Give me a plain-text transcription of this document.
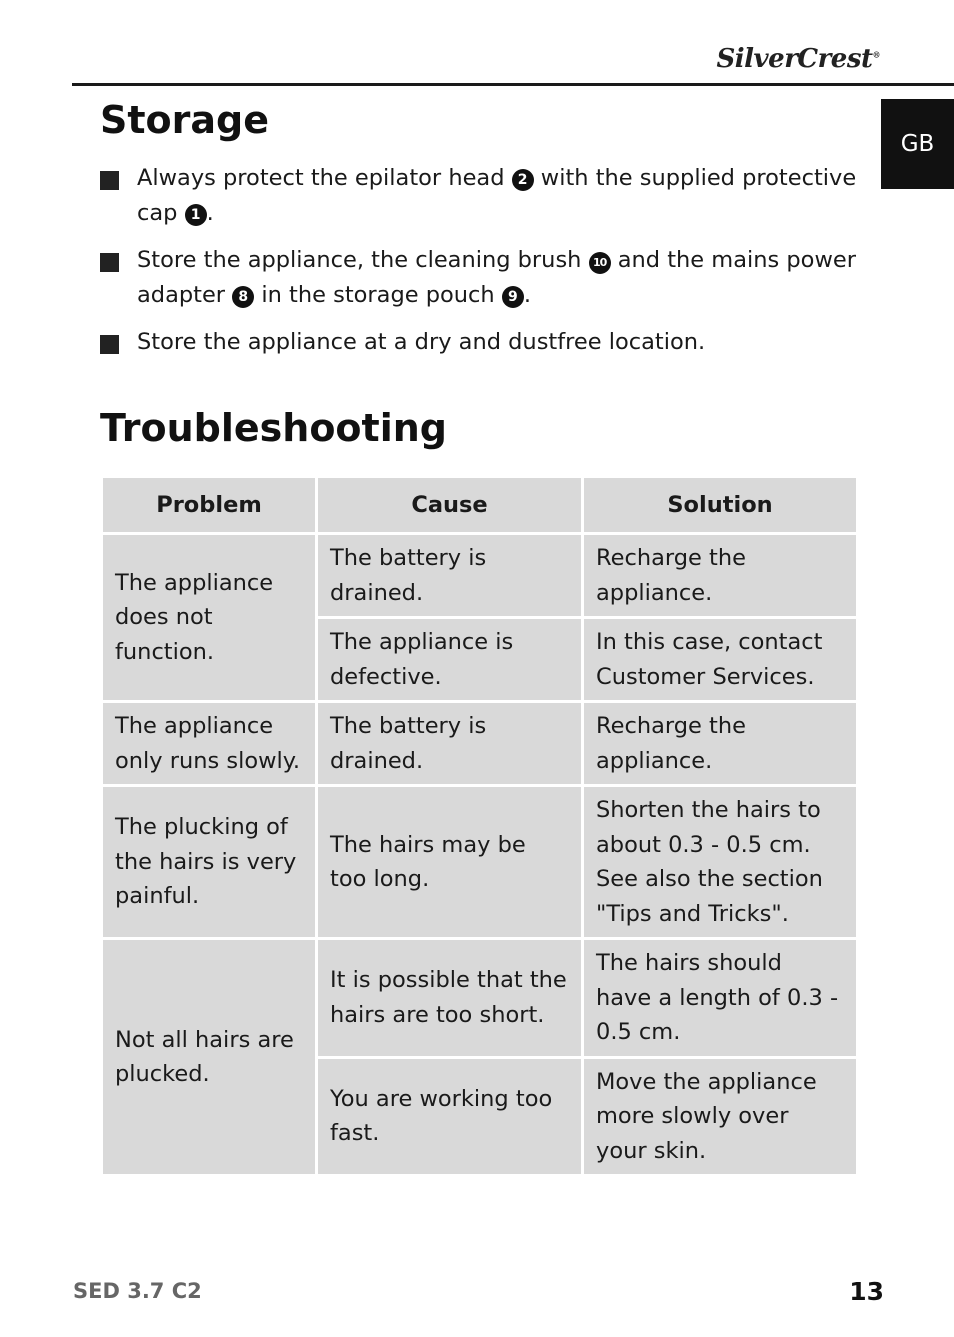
SilverCrest®
GB
Storage
Always protect the epilator head 2 with the supplied protective cap 1 .
Store the appliance, the cleaning brush 10 and the mains power adapter 8 in the storage pouch 9 .
Store the appliance at a dry and dustfree location.
Troubleshooting
Problem	Cause	Solution
The appliance does not function.	The battery is drained.	Recharge the appliance.
	The appliance is defective.	In this case, contact Customer Services.
The appliance only runs slowly.	The battery is drained.	Recharge the appliance.
The plucking of the hairs is very painful.	The hairs may be too long.	Shorten the hairs to about 0.3 - 0.5 cm. See also the section "Tips and Tricks".
Not all hairs are plucked.	It is possible that the hairs are too short.	The hairs should have a length of 0.3 - 0.5 cm.
	You are working too fast.	Move the appliance more slowly over your skin.
SED 3.7 C2	13
